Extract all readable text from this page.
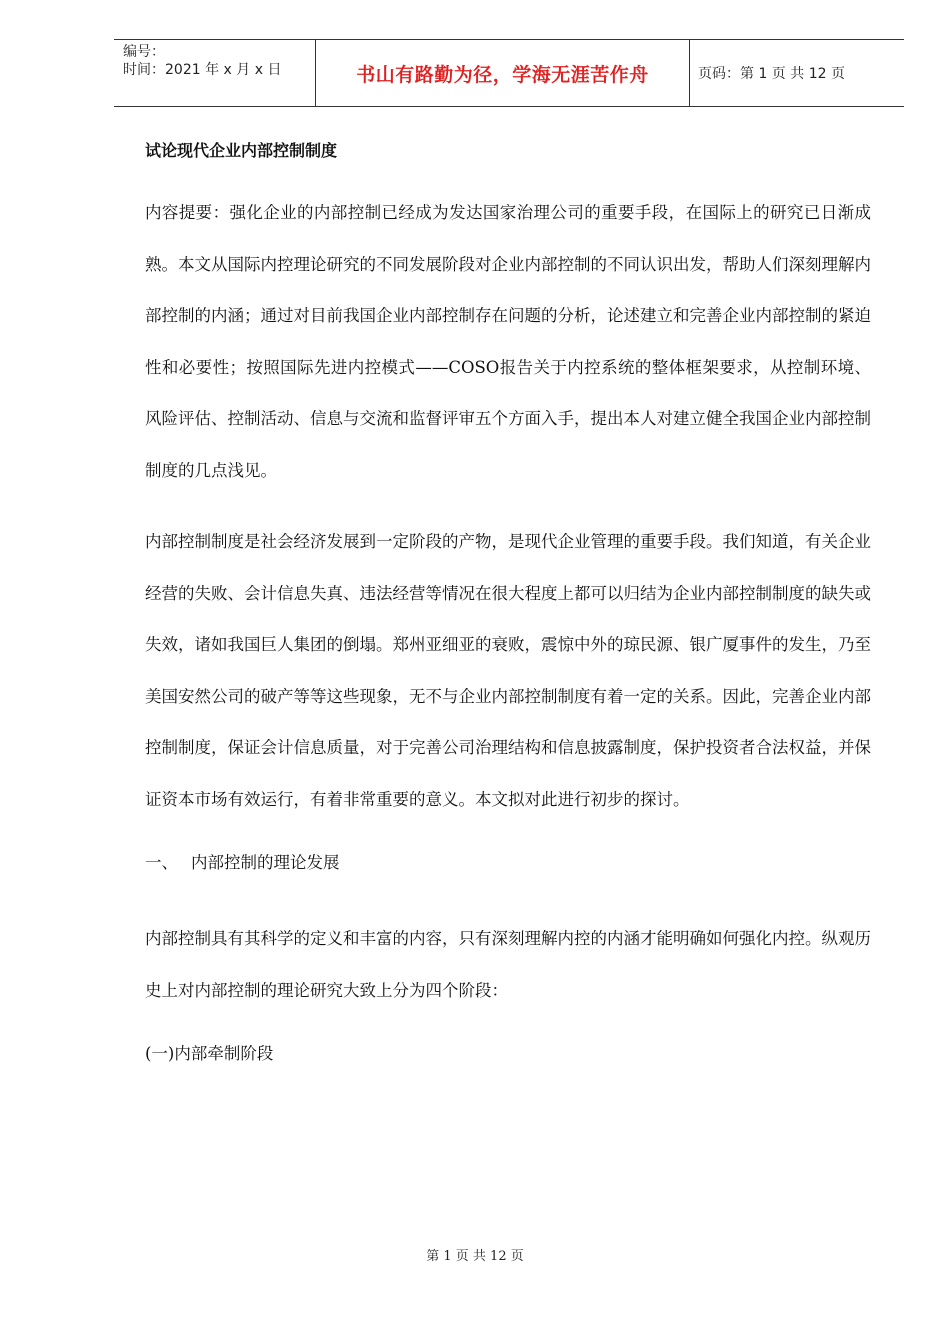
编号：
时间：2021 年 x 月 x 日	书山有路勤为径，学海无涯苦作舟	页码：第 1 页 共 12 页
试论现代企业内部控制制度

内容提要：强化企业的内部控制已经成为发达国家治理公司的重要手段，在国际上的研究已日渐成熟。本文从国际内控理论研究的不同发展阶段对企业内部控制的不同认识出发，帮助人们深刻理解内部控制的内涵；通过对目前我国企业内部控制存在问题的分析，论述建立和完善企业内部控制的紧迫性和必要性；按照国际先进内控模式——COSO报告关于内控系统的整体框架要求，从控制环境、风险评估、控制活动、信息与交流和监督评审五个方面入手，提出本人对建立健全我国企业内部控制制度的几点浅见。

内部控制制度是社会经济发展到一定阶段的产物，是现代企业管理的重要手段。我们知道，有关企业经营的失败、会计信息失真、违法经营等情况在很大程度上都可以归结为企业内部控制制度的缺失或失效，诸如我国巨人集团的倒塌。郑州亚细亚的衰败，震惊中外的琼民源、银广厦事件的发生，乃至美国安然公司的破产等等这些现象，无不与企业内部控制制度有着一定的关系。因此，完善企业内部控制制度，保证会计信息质量，对于完善公司治理结构和信息披露制度，保护投资者合法权益，并保证资本市场有效运行，有着非常重要的意义。本文拟对此进行初步的探讨。

一、 内部控制的理论发展

内部控制具有其科学的定义和丰富的内容，只有深刻理解内控的内涵才能明确如何强化内控。纵观历史上对内部控制的理论研究大致上分为四个阶段：

(一)内部牵制阶段
第 1 页 共 12 页
